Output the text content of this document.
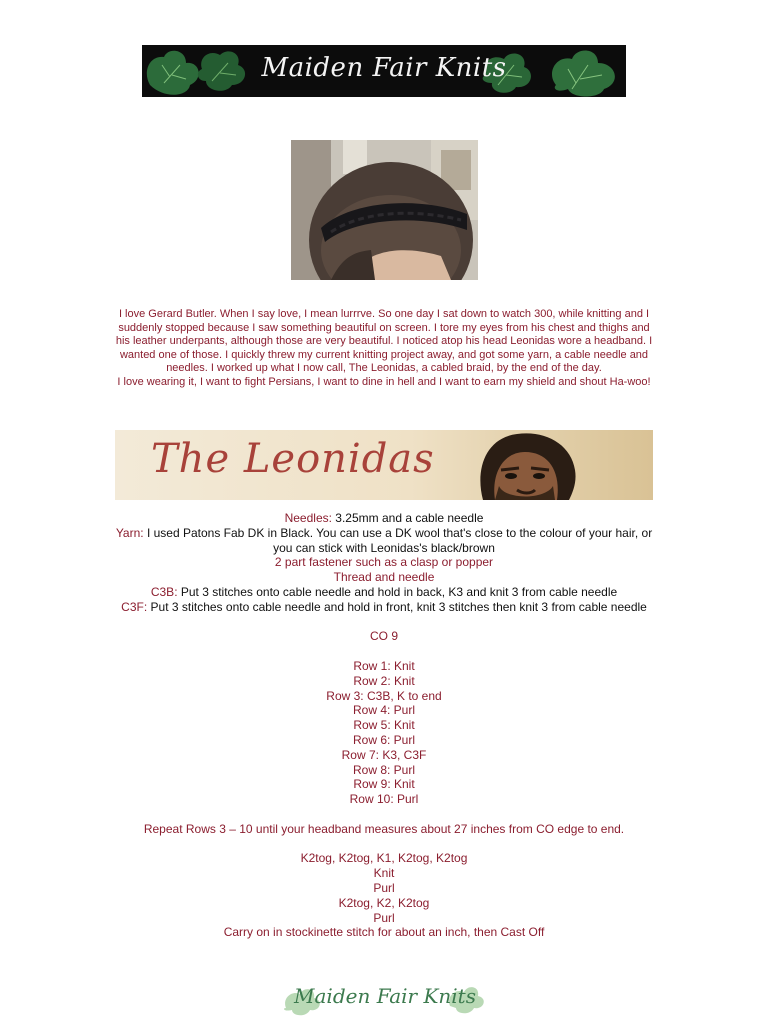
Maiden Fair Knits

I love Gerard Butler. When I say love, I mean lurrrve. So one day I sat down to watch 300, while knitting and I suddenly stopped because I saw something beautiful on screen. I tore my eyes from his chest and thighs and his leather underpants, although those are very beautiful. I noticed atop his head Leonidas wore a headband. I wanted one of those. I quickly threw my current knitting project away, and got some yarn, a cable needle and needles. I worked up what I now call, The Leonidas, a cabled braid, by the end of the day.

I love wearing it, I want to fight Persians, I want to dine in hell and I want to earn my shield and shout Ha-woo!

The Leonidas
Needles: 3.25mm and a cable needle
Yarn: I used Patons Fab DK in Black. You can use a DK wool that's close to the colour of your hair, or you can stick with Leonidas's black/brown
2 part fastener such as a clasp or popper
Thread and needle
C3B: Put 3 stitches onto cable needle and hold in back, K3 and knit 3 from cable needle
C3F: Put 3 stitches onto cable needle and hold in front, knit 3 stitches then knit 3 from cable needle
CO 9
Row 1: Knit
Row 2: Knit
Row 3: C3B, K to end
Row 4: Purl
Row 5: Knit
Row 6: Purl
Row 7: K3, C3F
Row 8: Purl
Row 9: Knit
Row 10: Purl
Repeat Rows 3 – 10 until your headband measures about 27 inches from CO edge to end.
K2tog, K2tog, K1, K2tog, K2tog
Knit
Purl
K2tog, K2, K2tog
Purl
Carry on in stockinette stitch for about an inch, then Cast Off
Maiden Fair Knits
